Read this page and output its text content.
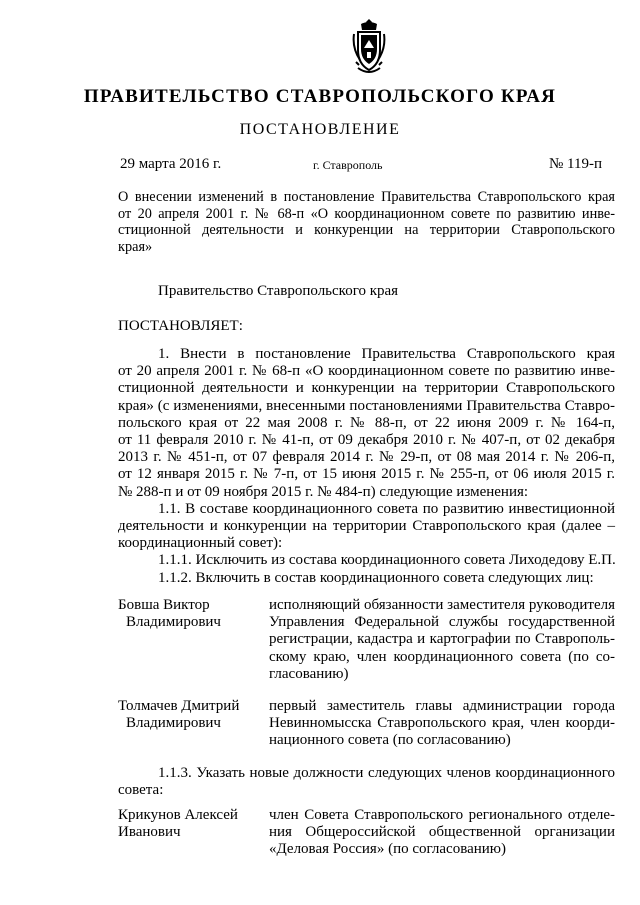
ПРАВИТЕЛЬСТВО СТАВРОПОЛЬСКОГО КРАЯ
ПОСТАНОВЛЕНИЕ
29 марта 2016 г.	г. Ставрополь	№ 119-п
О внесении изменений в постановление Правительства Ставропольского края
от 20 апреля 2001 г. № 68-п «О координационном совете по развитию инве-
стиционной деятельности и конкуренции на территории Ставропольского
края»
Правительство Ставропольского края
ПОСТАНОВЛЯЕТ:
1. Внести в постановление Правительства Ставропольского края
от 20 апреля 2001 г. № 68-п «О координационном совете по развитию инве-
стиционной деятельности и конкуренции на территории Ставропольского
края» (с изменениями, внесенными постановлениями Правительства Ставро-
польского края от 22 мая 2008 г. № 88-п, от 22 июня 2009 г. № 164-п,
от 11 февраля 2010 г. № 41-п, от 09 декабря 2010 г. № 407-п, от 02 декабря
2013 г. № 451-п, от 07 февраля 2014 г. № 29-п, от 08 мая 2014 г. № 206-п,
от 12 января 2015 г. № 7-п, от 15 июня 2015 г. № 255-п, от 06 июля 2015 г.
№ 288-п и от 09 ноября 2015 г. № 484-п) следующие изменения:
1.1. В составе координационного совета по развитию инвестиционной
деятельности и конкуренции на территории Ставропольского края (далее –
координационный совет):
1.1.1. Исключить из состава координационного совета Лиходедову Е.П.
1.1.2. Включить в состав координационного совета следующих лиц:
Бовша Виктор
Владимирович
исполняющий обязанности заместителя руководителя
Управления Федеральной службы государственной
регистрации, кадастра и картографии по Ставрополь-
скому краю, член координационного совета (по со-
гласованию)
Толмачев Дмитрий
Владимирович
первый заместитель главы администрации города
Невинномысска Ставропольского края, член коорди-
национного совета (по согласованию)
1.1.3. Указать новые должности следующих членов координационного
совета:
Крикунов Алексей
Иванович
член Совета Ставропольского регионального отделе-
ния Общероссийской общественной организации
«Деловая Россия» (по согласованию)
